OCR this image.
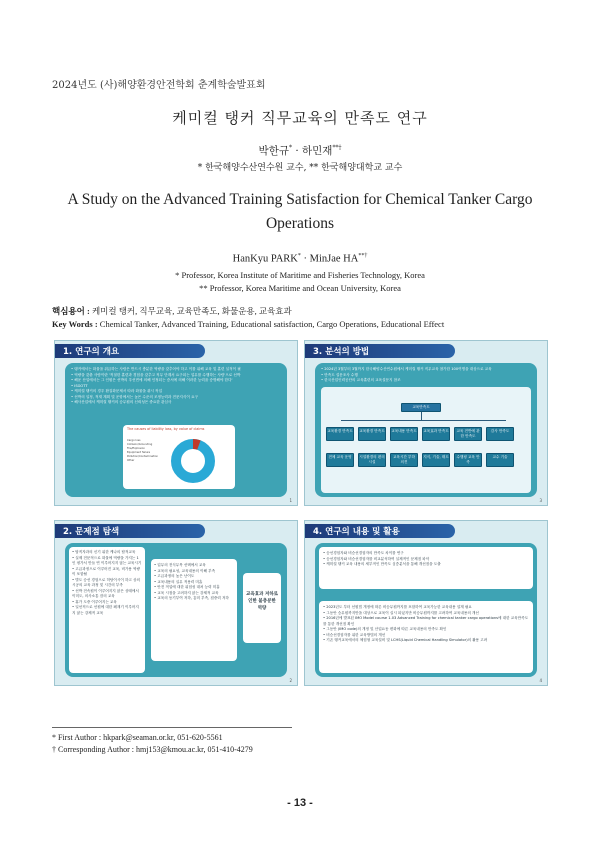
2024년도 (사)해양환경안전학회 춘계학술발표회
케미컬 탱커 직무교육의 만족도 연구
박한규* · 하민재**†
* 한국해양수산연수원 교수, ** 한국해양대학교 교수
A Study on the Advanced Training Satisfaction for Chemical Tanker Cargo Operations
HanKyu PARK* · MinJae HA**†
* Professor, Korea Institute of Maritime and Fisheries Technology, Korea
** Professor, Korea Maritime and Ocean University, Korea
핵심용어 : 케미컬 탱커, 직무교육, 교육만족도, 화물운용, 교육효과
Key Words : Chemical Tanker, Advanced Training, Educational satisfaction, Cargo Operations, Educational Effect
1. 연구의 개요
• 탱커에서는 화물을 취급하는 사람은 반드시 충분한 역량을 갖추어야 하고 이를 위해 교육 및 훈련 실적이 필
• 역량을 갖춘 사람이란 '적절한 훈련과 경험을 갖추고 직무 단계서 요구되는 업무를 수행하는 사람'으로 선박
• 해운 산업에서는 그 인원은 선박의 우선면에 의해 인정되는 증서에 의해 이러한 능력을 증명해야 한다'
• ISGOTT
• 케미컬 탱커의 경우 환질화문제서 따라 화물을 취시 작업
• 선박의 일정, 적재 계획 및 운항에서는 높은 수준의 조정능력과 전문지식이 요구
• 해사산업에서 케미컬 탱커의 승무원의 신뢰성은 중요한 관심사
The causes of liability loss, by value of claims
Cargo loss
Collision/Grounding
Fire/Explosion
Equipment failure
Pollution/Contamination
Other
1
3. 분석의 방법
• 2024년 3월부터 3월까지 한국해양수산연수원에서 케미컬 탱커 직무교육 참가한 100여명을 대상으로 교육
• 만족도 설문조사 수행
• 한국산업인력공단의 교육훈련의 교육설문지 참조
교육만족도
교육환경 만족도	교육환경 만족도	교육내용 만족도	교육효과 만족도	교육 전반에 관한 만족도
감사 만족도
전체 교육 운영	시설환경의 편의시설
교육시간 부하 의견
지식, 기술, 태도	수행평 교육 만족
교수 기술
3
2. 문제점 탐색
• 탑직자과의 신기 위한 케나의 탑적교육
• 실제 전문적으로 화물에 역량을 가지는 1인 평가서 만들 연 이루어지지 않는 교육시기
• 고급과정으로 이루어진 교육, 비가용 역량이 포함될
• 별도 승선 경험으로 허탕이시이 하고 상의 시공의 교육 과정 및 시간의 부족
• 선박 전속원이 이루어지지 않은 상태에서 이미도, 의사소통 잠의 교육
• 휴가 도중 이루어지는 교육
• 일선직으로 선원에 대한 폐재기 이루어지지 않는 강제적 교육
• 업무의 전식무목 선택에서 교육
• 교육의 필요성, 교육내용의 이해 부족
• 고급과정의 높은 난이도
• 교육내용의 실무 적용력 미흡
• 안전 적업에 대한 위험성 대처 능력 미흡
• 교육 시점을 고려하지 않는 강제적 교육
• 교육의 동기부여 저하, 흥미 부족, 집중력 저하
교육효과 저하로 인한 불충분한 역량
2
4. 연구의 내용 및 활용
• 승선경험자와 비승선경험자의 만족도 차이를 연구
• 승선경험자와 비승선경험자를 비교분석하여 실제적인 문제점 파악
• 케미컬 탱커 교육 내용의 세부적인 만족도 심층분석을 통해 개선점을 도출
• 2023년도 부터 선원법 개정에 따른 비승무원까지를 포함하여 교육가능한 교육내용 설계 필요
• 그동안 승무원까지만을 대상으로 교육이 실시 되었지만 비승무원까지를 고려하여 교육내용의 개선
• 2016년에 발표된 IMO Model course 1.03 Advanced Training for chemical tanker cargo operations에 대한 교육만족도를 통한 개선점 확인
• 그동안 (IMO code)의 개정 및 산업요동 변화에 따른 교육내용의 만족도 확인
• 비승선경험자를 위한 교육방법의 개선
• 기존 탱커교육에서의 체험형 교육설비 및 LCHS(Liquid Chemical Handling Simulator)의 활용 고려
4
* First Author : hkpark@seaman.or.kr, 051-620-5561
† Corresponding Author : hmj153@kmou.ac.kr, 051-410-4279
- 13 -
